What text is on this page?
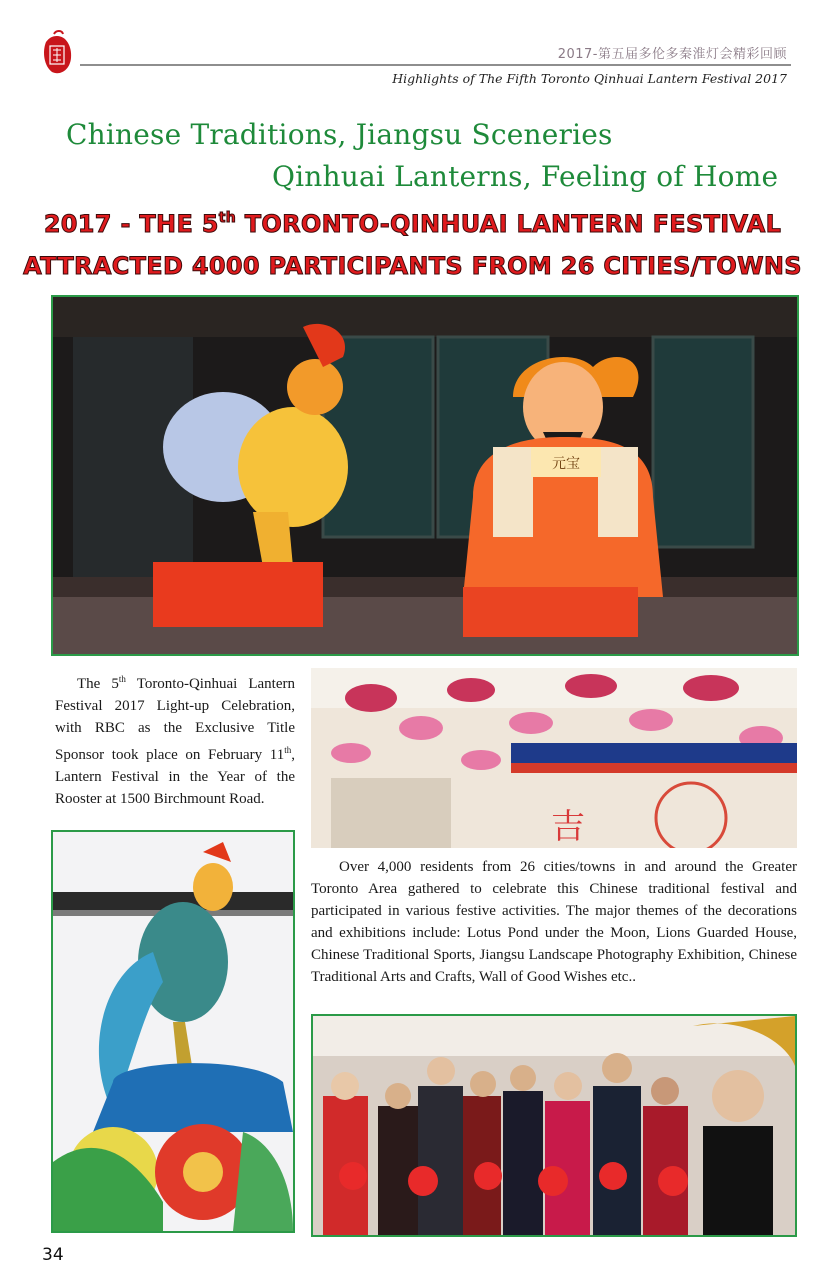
2017-第五届多伦多秦淮灯会精彩回顾
Highlights of The Fifth Toronto Qinhuai Lantern Festival 2017
Chinese Traditions, Jiangsu Sceneries
Qinhuai Lanterns, Feeling of Home
2017 - THE 5th TORONTO-QINHUAI LANTERN FESTIVAL
ATTRACTED 4000 PARTICIPANTS FROM 26 CITIES/TOWNS
元宝
The 5th Toronto-Qinhuai Lantern Festival 2017 Light-up Celebration, with RBC as the Exclusive Title Sponsor took place on February 11th, Lantern Festival in the Year of the Rooster at 1500 Birchmount Road.
吉
Over 4,000 residents from 26 cities/towns in and around the Greater Toronto Area gathered to celebrate this Chinese traditional festival and participated in various festive activities. The major themes of the decorations and exhibitions include: Lotus Pond under the Moon, Lions Guarded House, Chinese Traditional Sports, Jiangsu Landscape Photography Exhibition, Chinese Traditional Arts and Crafts, Wall of Good Wishes etc..
34
